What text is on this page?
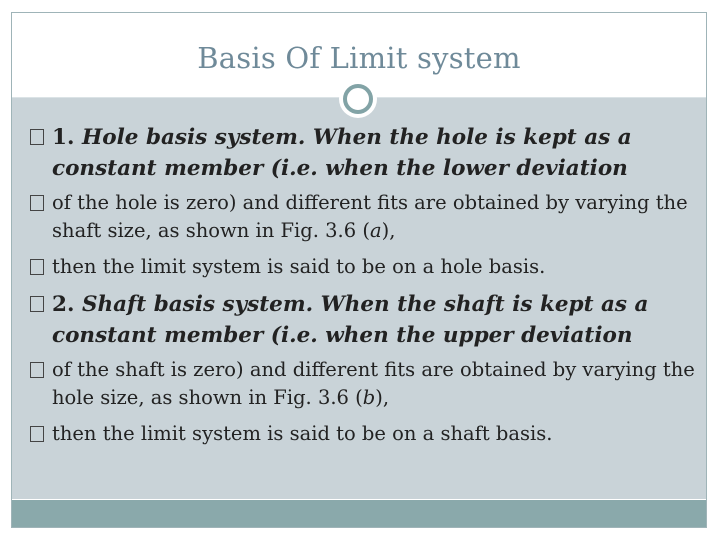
Basis Of Limit system
1. Hole basis system. When the hole is kept as a constant member (i.e. when the lower deviation
of the hole is zero) and different fits are obtained by varying the shaft size, as shown in Fig. 3.6 (a),
then the limit system is said to be on a hole basis.
2. Shaft basis system. When the shaft is kept as a constant member (i.e. when the upper deviation
of the shaft is zero) and different fits are obtained by varying the hole size, as shown in Fig. 3.6 (b),
then the limit system is said to be on a shaft basis.
